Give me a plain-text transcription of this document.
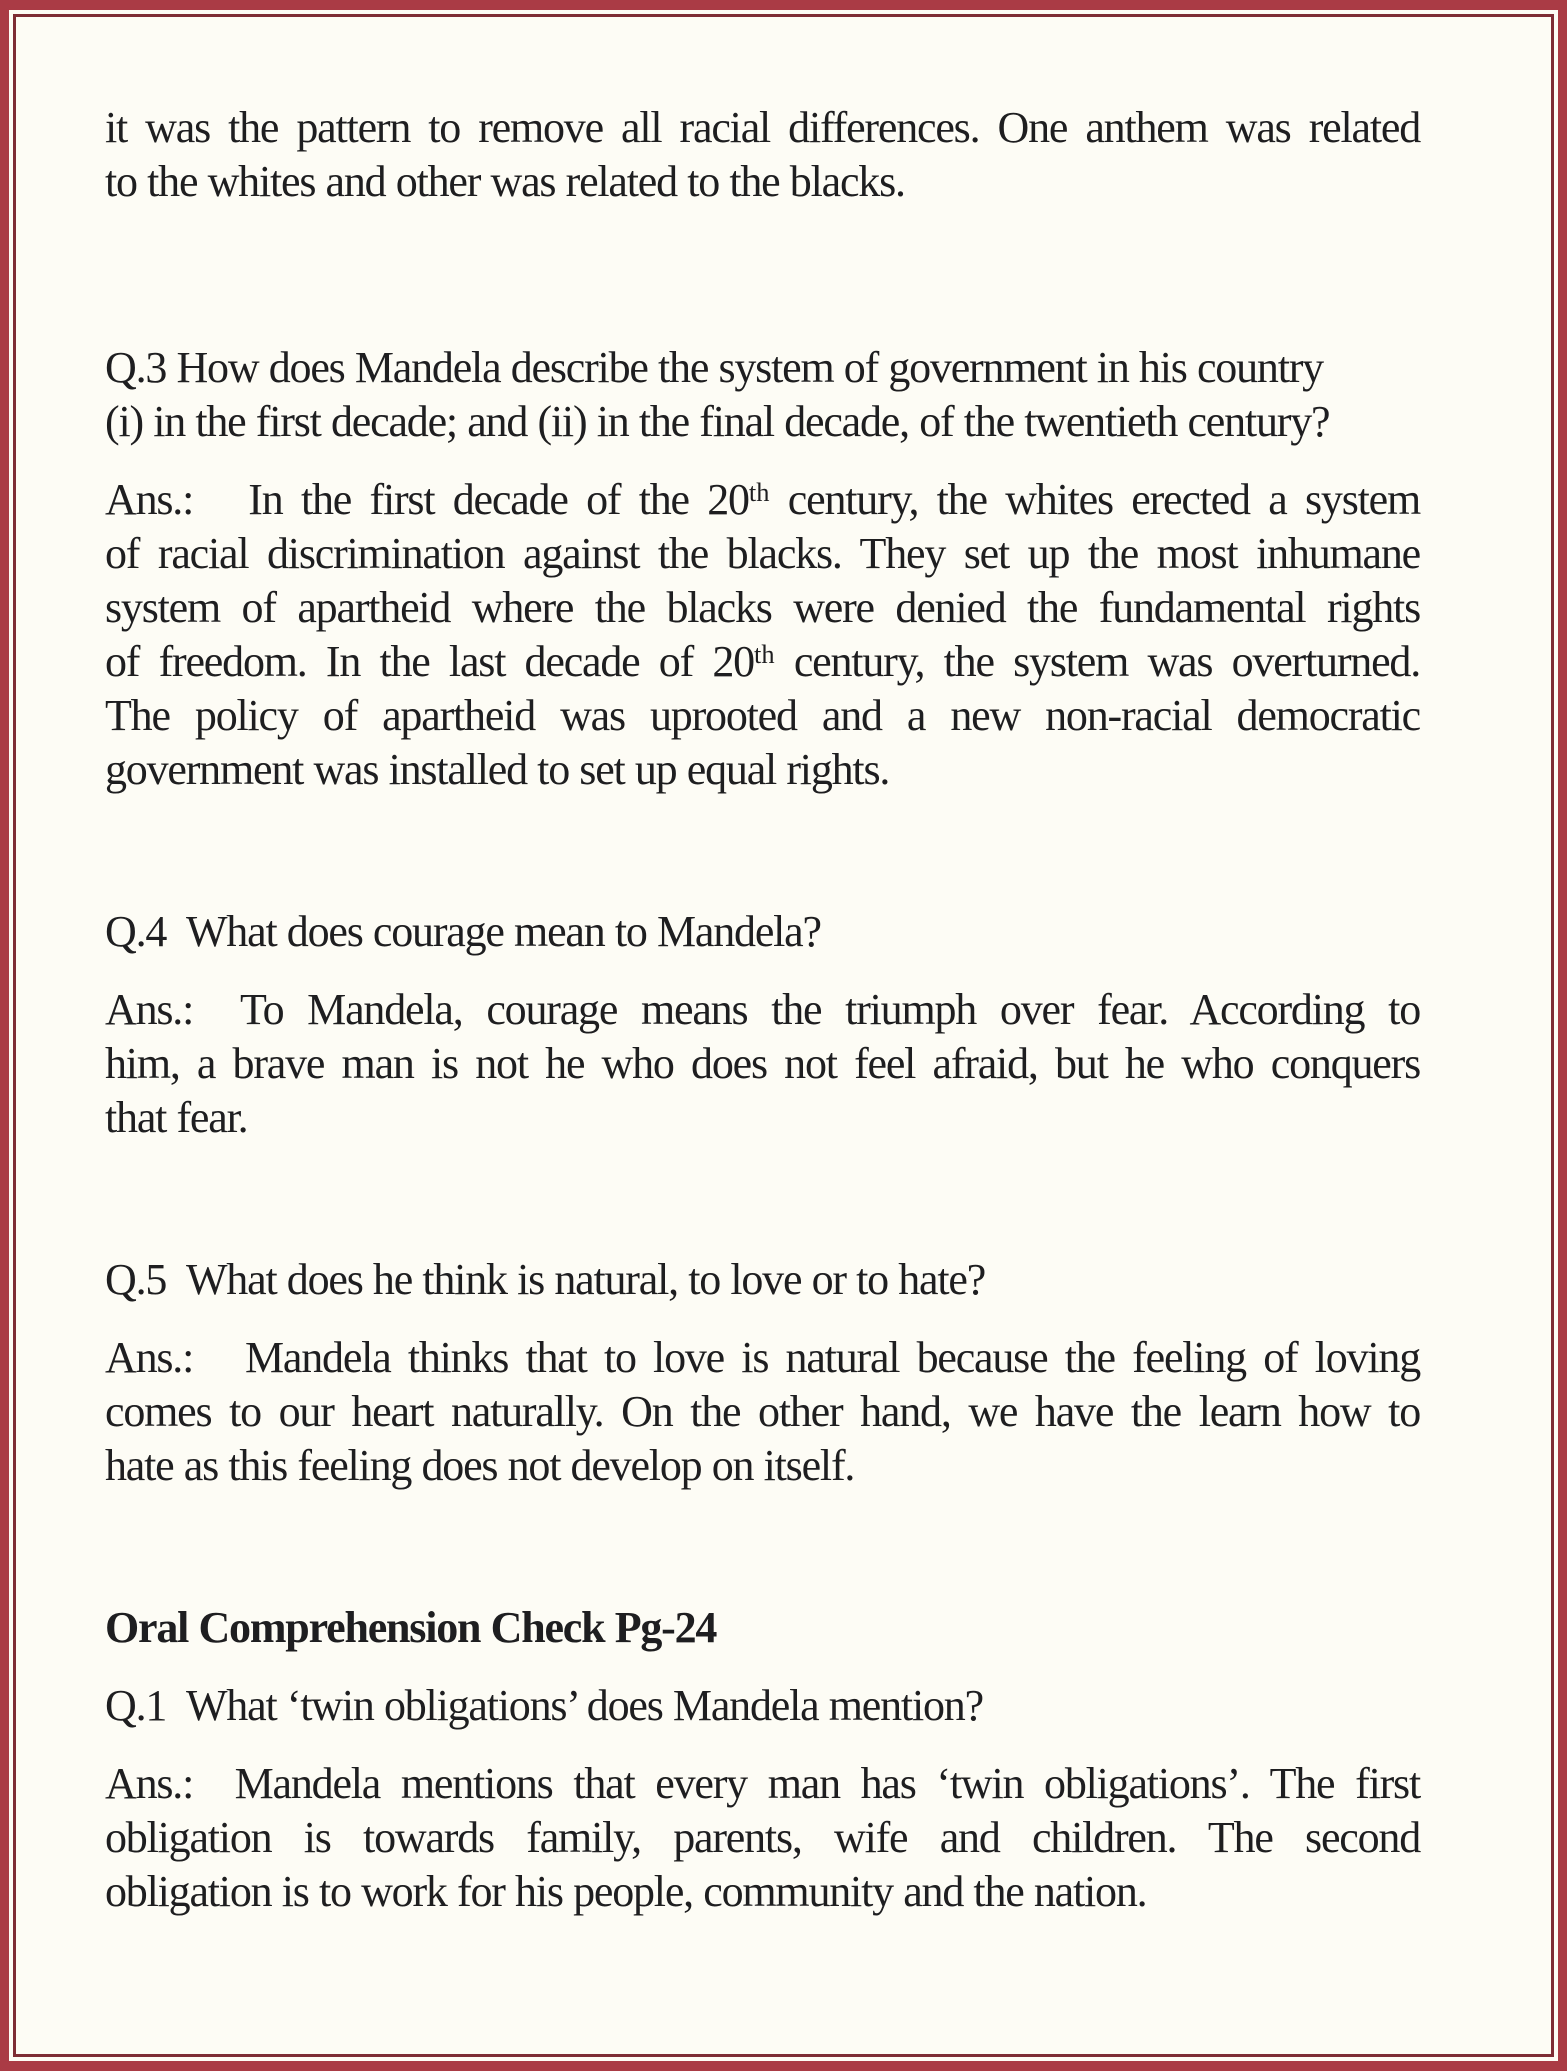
it was the pattern to remove all racial differences. One anthem was related
to the whites and other was related to the blacks.
Q.3 How does Mandela describe the system of government in his country
(i) in the first decade; and (ii) in the final decade, of the twentieth century?
Ans.:   In the first decade of the 20th century, the whites erected a system
of racial discrimination against the blacks. They set up the most inhumane
system of apartheid where the blacks were denied the fundamental rights
of freedom. In the last decade of 20th century, the system was overturned.
The policy of apartheid was uprooted and a new non-racial democratic
government was installed to set up equal rights.
Q.4  What does courage mean to Mandela?
Ans.:  To Mandela, courage means the triumph over fear. According to
him, a brave man is not he who does not feel afraid, but he who conquers
that fear.
Q.5  What does he think is natural, to love or to hate?
Ans.:   Mandela thinks that to love is natural because the feeling of loving
comes to our heart naturally. On the other hand, we have the learn how to
hate as this feeling does not develop on itself.
Oral Comprehension Check Pg-24
Q.1  What ‘twin obligations’ does Mandela mention?
Ans.:  Mandela mentions that every man has ‘twin obligations’. The first
obligation is towards family, parents, wife and children. The second
obligation is to work for his people, community and the nation.
